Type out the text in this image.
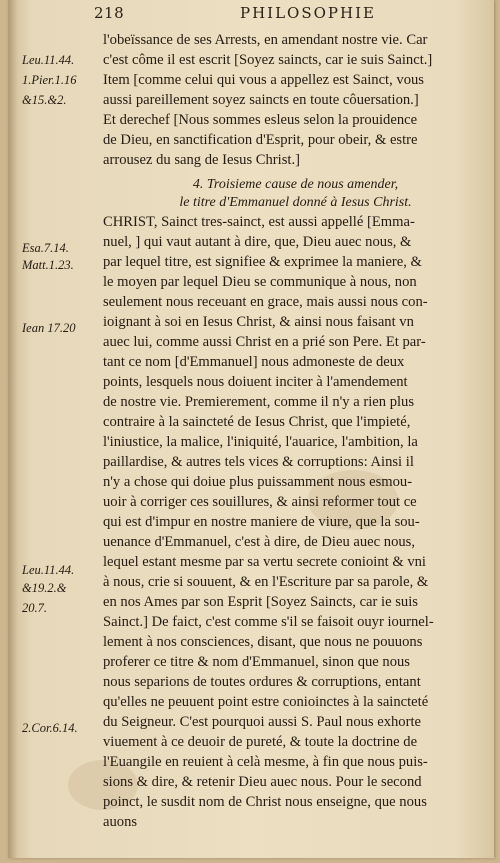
218	PHILOSOPHIE
l'obeïssance de ses Arrests, en amendant nostre vie. Car
c'est côme il est escrit [Soyez saincts, car ie suis Sainct.]
Item [comme celui qui vous a appellez est Sainct, vous
aussi pareillement soyez saincts en toute côuersation.]
Et derechef [Nous sommes esleus selon la prouidence
de Dieu, en sanctification d'Esprit, pour obeir, & estre
arrousez du sang de Iesus Christ.]
4. Troisieme cause de nous amender,
le titre d'Emmanuel donné à Iesus Christ.
CHRIST, Sainct tres-sainct, est aussi appellé [Emma-
nuel, ] qui vaut autant à dire, que, Dieu auec nous, &
par lequel titre, est signifiee & exprimee la maniere, &
le moyen par lequel Dieu se communique à nous, non
seulement nous receuant en grace, mais aussi nous con-
ioignant à soi en Iesus Christ, & ainsi nous faisant vn
auec lui, comme aussi Christ en a prié son Pere. Et par-
tant ce nom [d'Emmanuel] nous admoneste de deux
points, lesquels nous doiuent inciter à l'amendement
de nostre vie. Premierement, comme il n'y a rien plus
contraire à la saincteté de Iesus Christ, que l'impieté,
l'iniustice, la malice, l'iniquité, l'auarice, l'ambition, la
paillardise, & autres tels vices & corruptions: Ainsi il
n'y a chose qui doiue plus puissamment nous esmou-
uoir à corriger ces souillures, & ainsi reformer tout ce
qui est d'impur en nostre maniere de viure, que la sou-
uenance d'Emmanuel, c'est à dire, de Dieu auec nous,
lequel estant mesme par sa vertu secrete conioint & vni
à nous, crie si souuent, & en l'Escriture par sa parole, &
en nos Ames par son Esprit [Soyez Saincts, car ie suis
Sainct.] De faict, c'est comme s'il se faisoit ouyr iournel-
lement à nos consciences, disant, que nous ne pouuons
proferer ce titre & nom d'Emmanuel, sinon que nous
nous separions de toutes ordures & corruptions, entant
qu'elles ne peuuent point estre conioinctes à la saincteté
du Seigneur. C'est pourquoi aussi S. Paul nous exhorte
viuement à ce deuoir de pureté, & toute la doctrine de
l'Euangile en reuient à celà mesme, à fin que nous puis-
sions & dire, & retenir Dieu auec nous. Pour le second
poinct, le susdit nom de Christ nous enseigne, que nous
auons
Leu.11.44.
1.Pier.1.16
&15.&2.
Esa.7.14.
Matt.1.23.
Iean 17.20
Leu.11.44.
&19.2.&
20.7.
2.Cor.6.14.
